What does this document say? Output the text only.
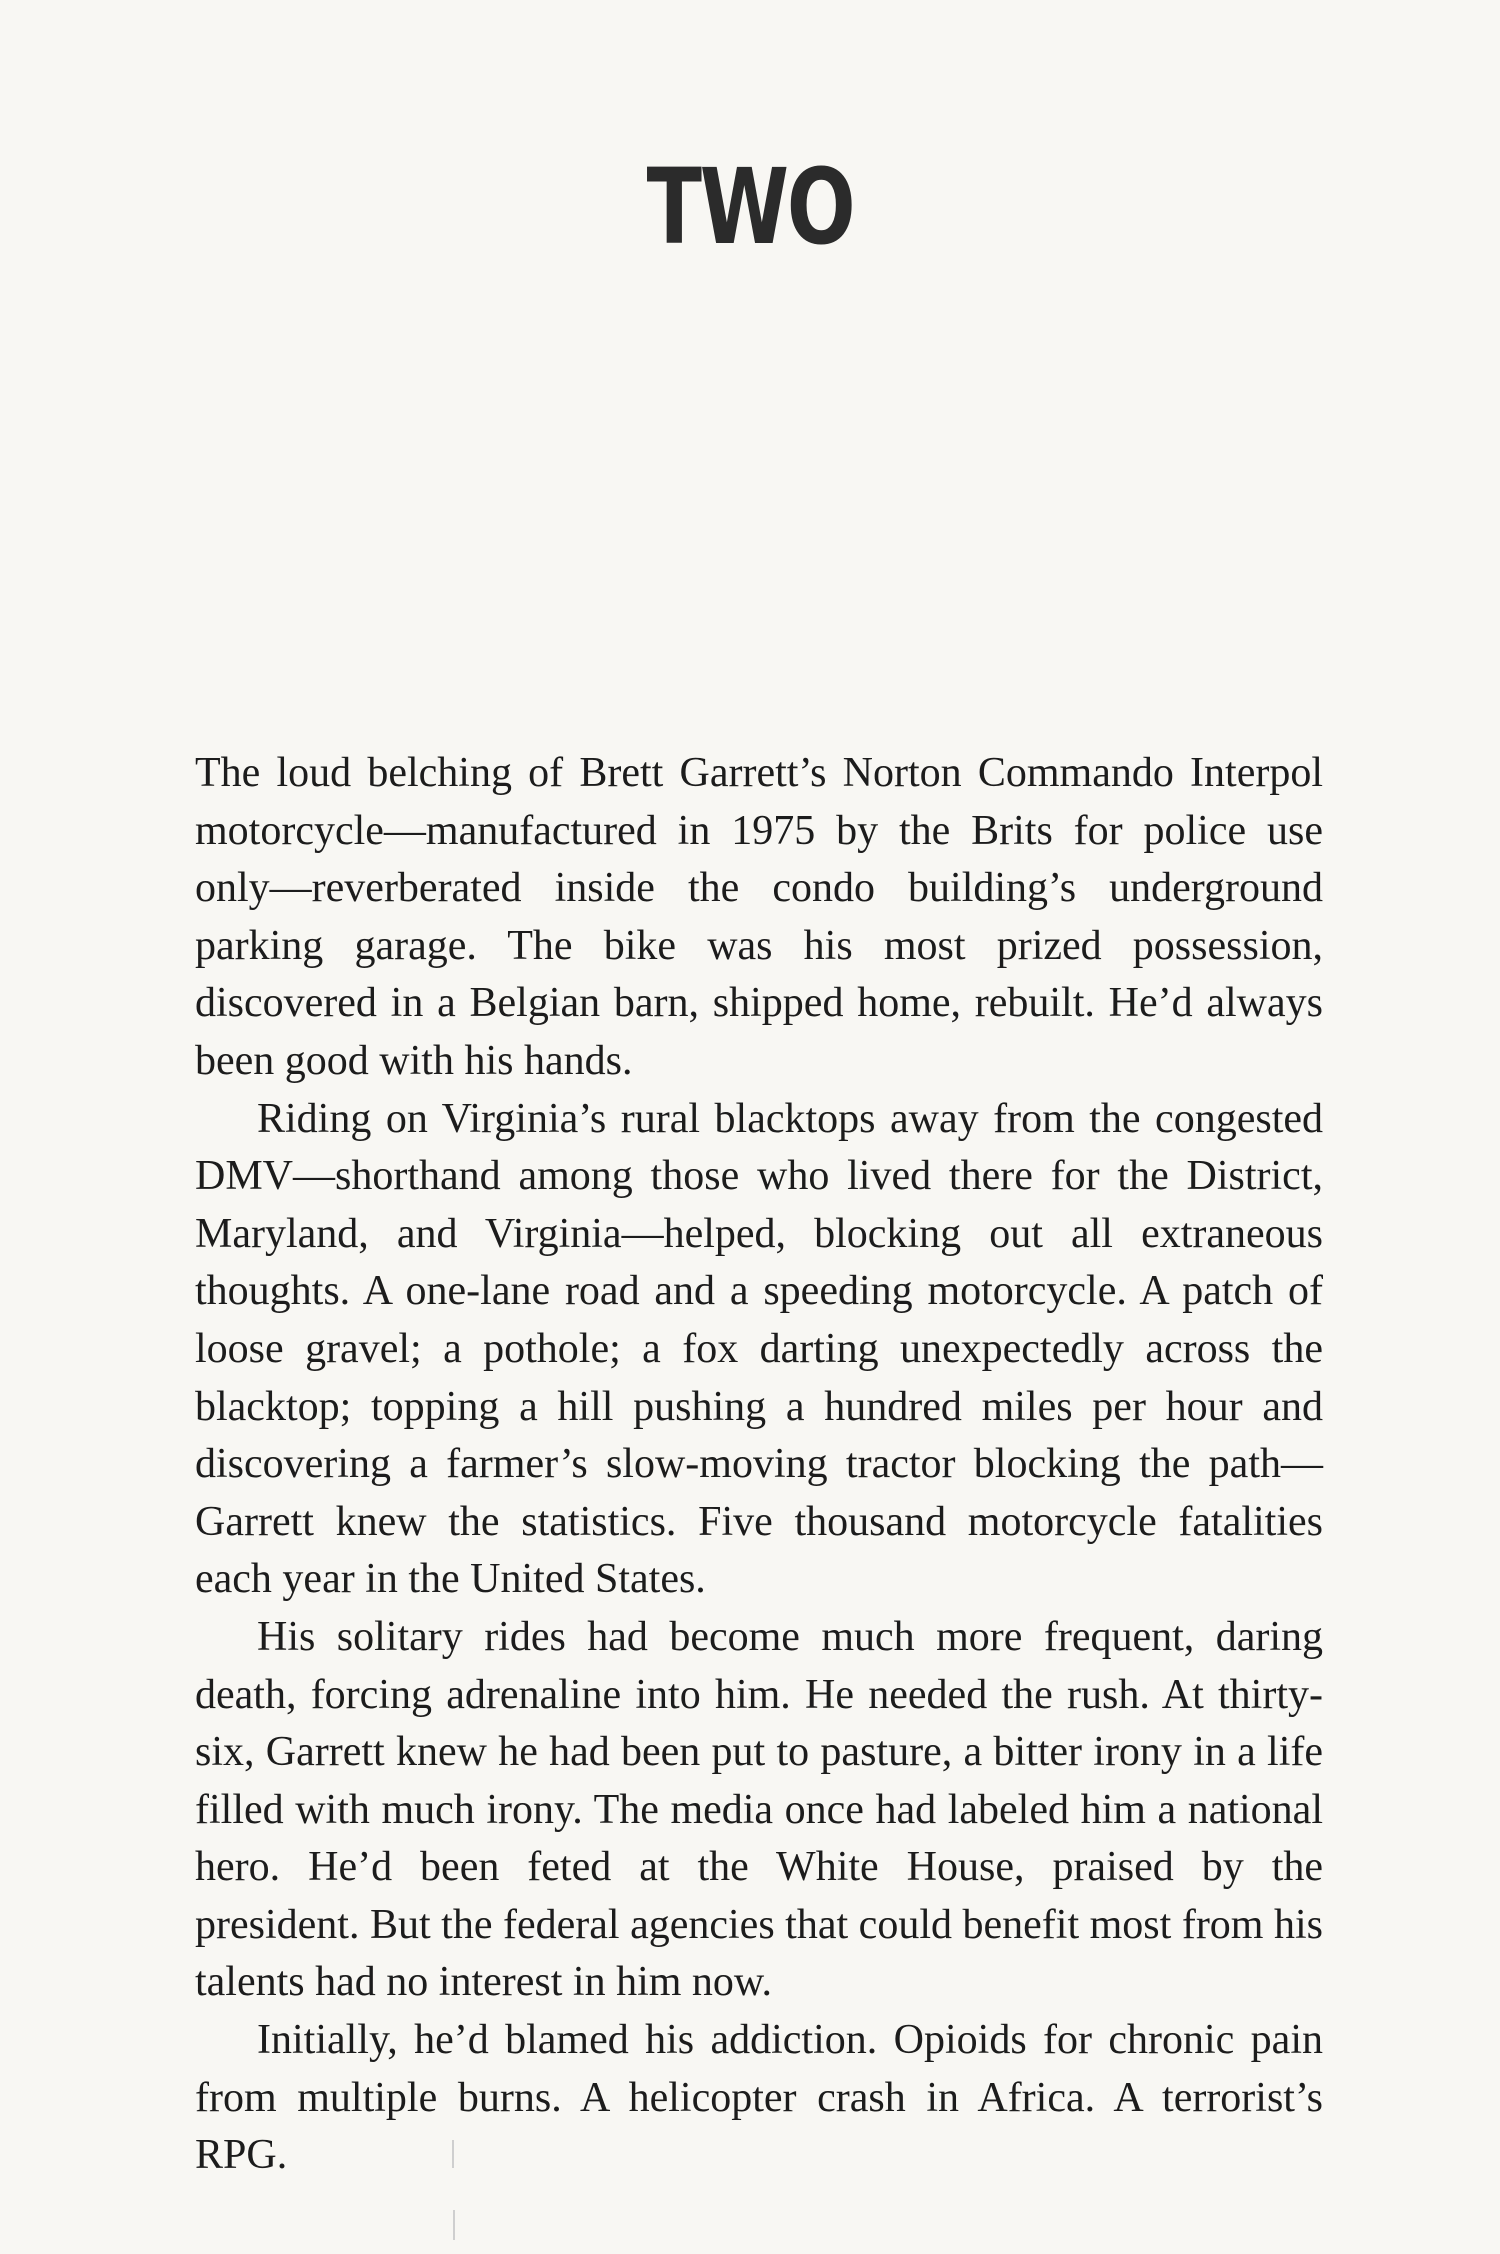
TWO

The loud belching of Brett Garrett’s Norton Commando Interpol motorcycle—manufactured in 1975 by the Brits for police use only—reverberated inside the condo building’s underground parking garage. The bike was his most prized possession, discovered in a Belgian barn, shipped home, rebuilt. He’d always been good with his hands.

Riding on Virginia’s rural blacktops away from the congested DMV—shorthand among those who lived there for the District, Maryland, and Virginia—helped, blocking out all extraneous thoughts. A one-lane road and a speeding motorcycle. A patch of loose gravel; a pothole; a fox darting unexpectedly across the blacktop; topping a hill pushing a hundred miles per hour and discovering a farmer’s slow-moving tractor blocking the path—Garrett knew the statistics. Five thousand motorcycle fatalities each year in the United States.

His solitary rides had become much more frequent, daring death, forcing adrenaline into him. He needed the rush. At thirty-six, Garrett knew he had been put to pasture, a bitter irony in a life filled with much irony. The media once had labeled him a national hero. He’d been feted at the White House, praised by the president. But the federal agencies that could benefit most from his talents had no interest in him now.

Initially, he’d blamed his addiction. Opioids for chronic pain from multiple burns. A helicopter crash in Africa. A terrorist’s RPG.
